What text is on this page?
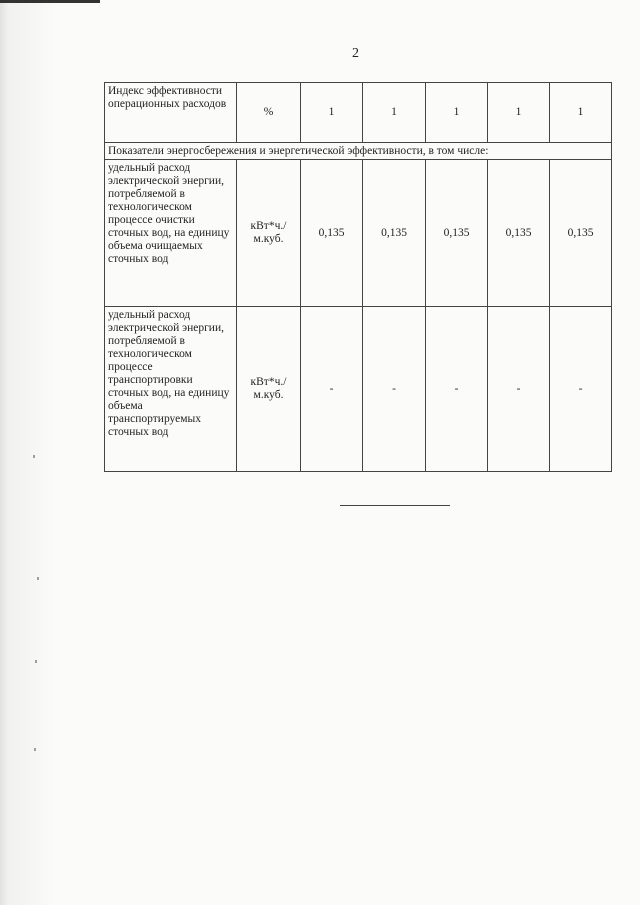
2
Индекс эффективности операционных расходов	%	1	1	1	1	1
Показатели энергосбережения и энергетической эффективности, в том числе:						
удельный расход электрической энергии, потребляемой в технологическом процессе очистки сточных вод, на единицу объема очищаемых сточных вод	кВт*ч./м.куб.	0,135	0,135	0,135	0,135	0,135
удельный расход электрической энергии, потребляемой в технологическом процессе транспортировки сточных вод, на единицу объема транспортируемых сточных вод	кВт*ч./м.куб.	-	-	-	-	-
